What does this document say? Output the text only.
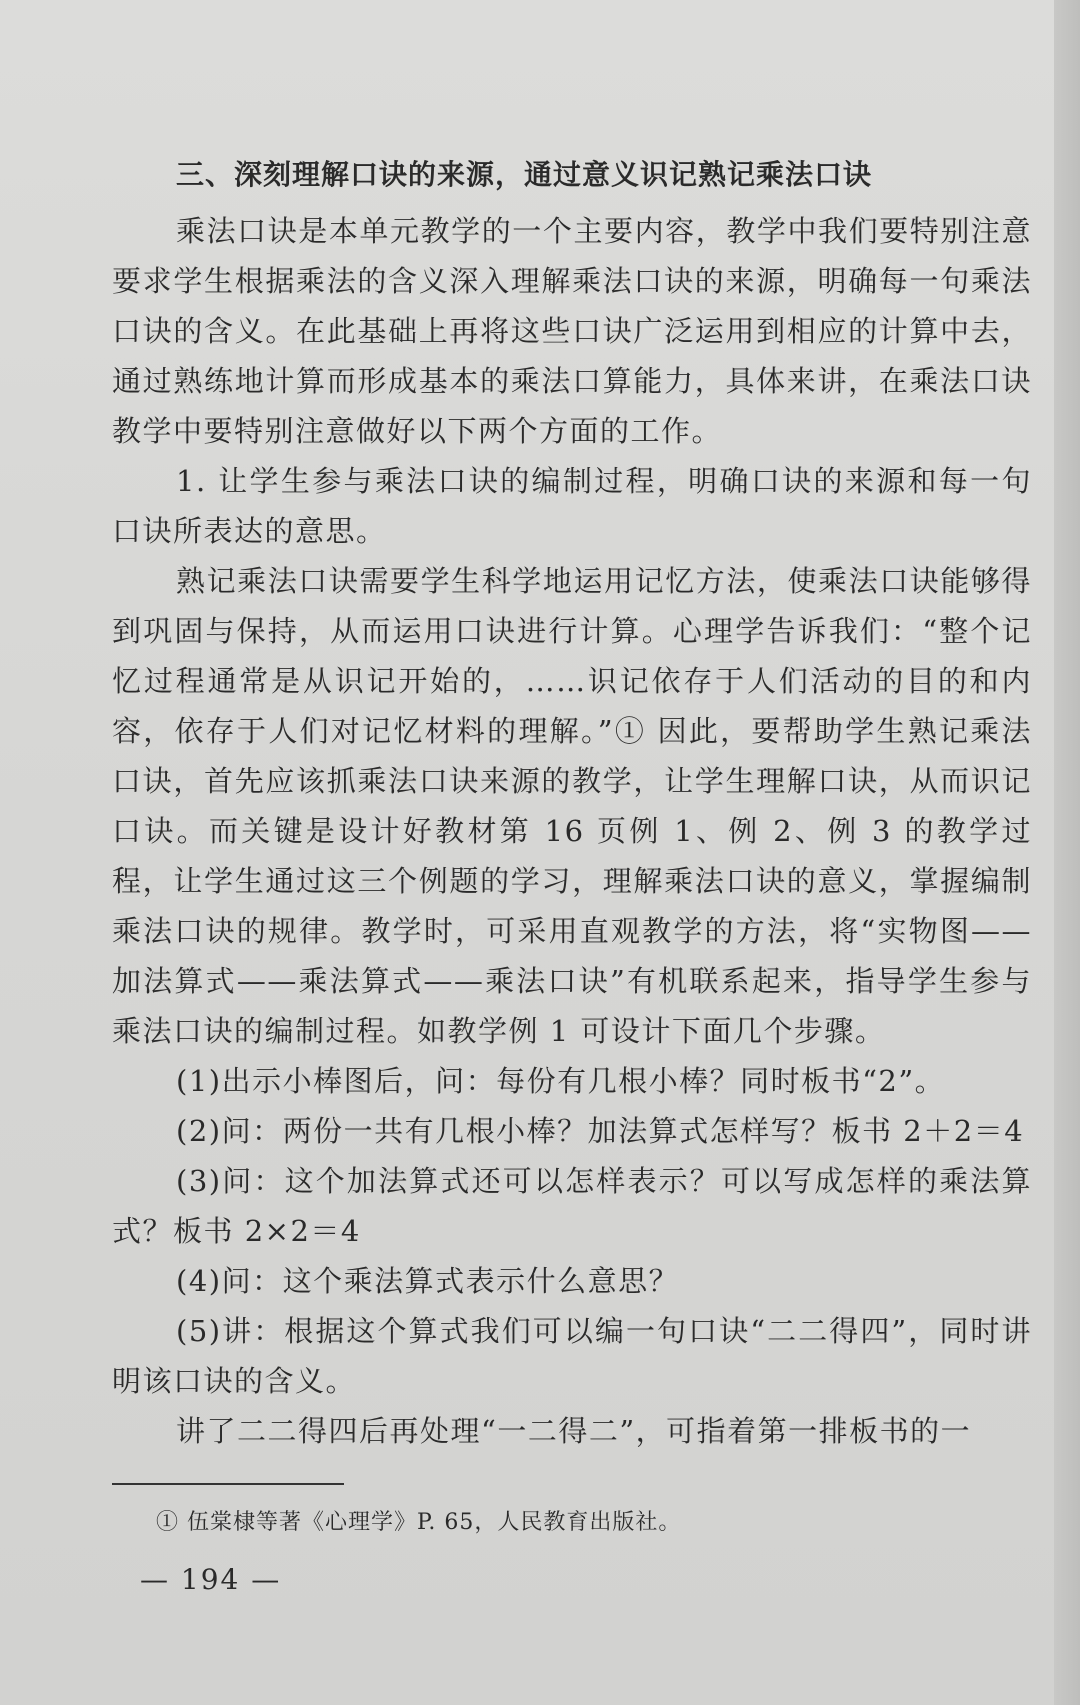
三、深刻理解口诀的来源，通过意义识记熟记乘法口诀

乘法口诀是本单元教学的一个主要内容，教学中我们要特别注意要求学生根据乘法的含义深入理解乘法口诀的来源，明确每一句乘法口诀的含义。在此基础上再将这些口诀广泛运用到相应的计算中去，通过熟练地计算而形成基本的乘法口算能力，具体来讲，在乘法口诀教学中要特别注意做好以下两个方面的工作。

1. 让学生参与乘法口诀的编制过程，明确口诀的来源和每一句口诀所表达的意思。

熟记乘法口诀需要学生科学地运用记忆方法，使乘法口诀能够得到巩固与保持，从而运用口诀进行计算。心理学告诉我们：“整个记忆过程通常是从识记开始的，……识记依存于人们活动的目的和内容，依存于人们对记忆材料的理解。”① 因此，要帮助学生熟记乘法口诀，首先应该抓乘法口诀来源的教学，让学生理解口诀，从而识记口诀。而关键是设计好教材第 16 页例 1、例 2、例 3 的教学过程，让学生通过这三个例题的学习，理解乘法口诀的意义，掌握编制乘法口诀的规律。教学时，可采用直观教学的方法，将“实物图——加法算式——乘法算式——乘法口诀”有机联系起来，指导学生参与乘法口诀的编制过程。如教学例 1 可设计下面几个步骤。

(1)出示小棒图后，问：每份有几根小棒？同时板书“2”。

(2)问：两份一共有几根小棒？加法算式怎样写？板书 2＋2＝4

(3)问：这个加法算式还可以怎样表示？可以写成怎样的乘法算式？板书 2×2＝4

(4)问：这个乘法算式表示什么意思？

(5)讲：根据这个算式我们可以编一句口诀“二二得四”，同时讲明该口诀的含义。

讲了二二得四后再处理“一二得二”，可指着第一排板书的一

① 伍棠棣等著《心理学》P. 65，人民教育出版社。
— 194 —
